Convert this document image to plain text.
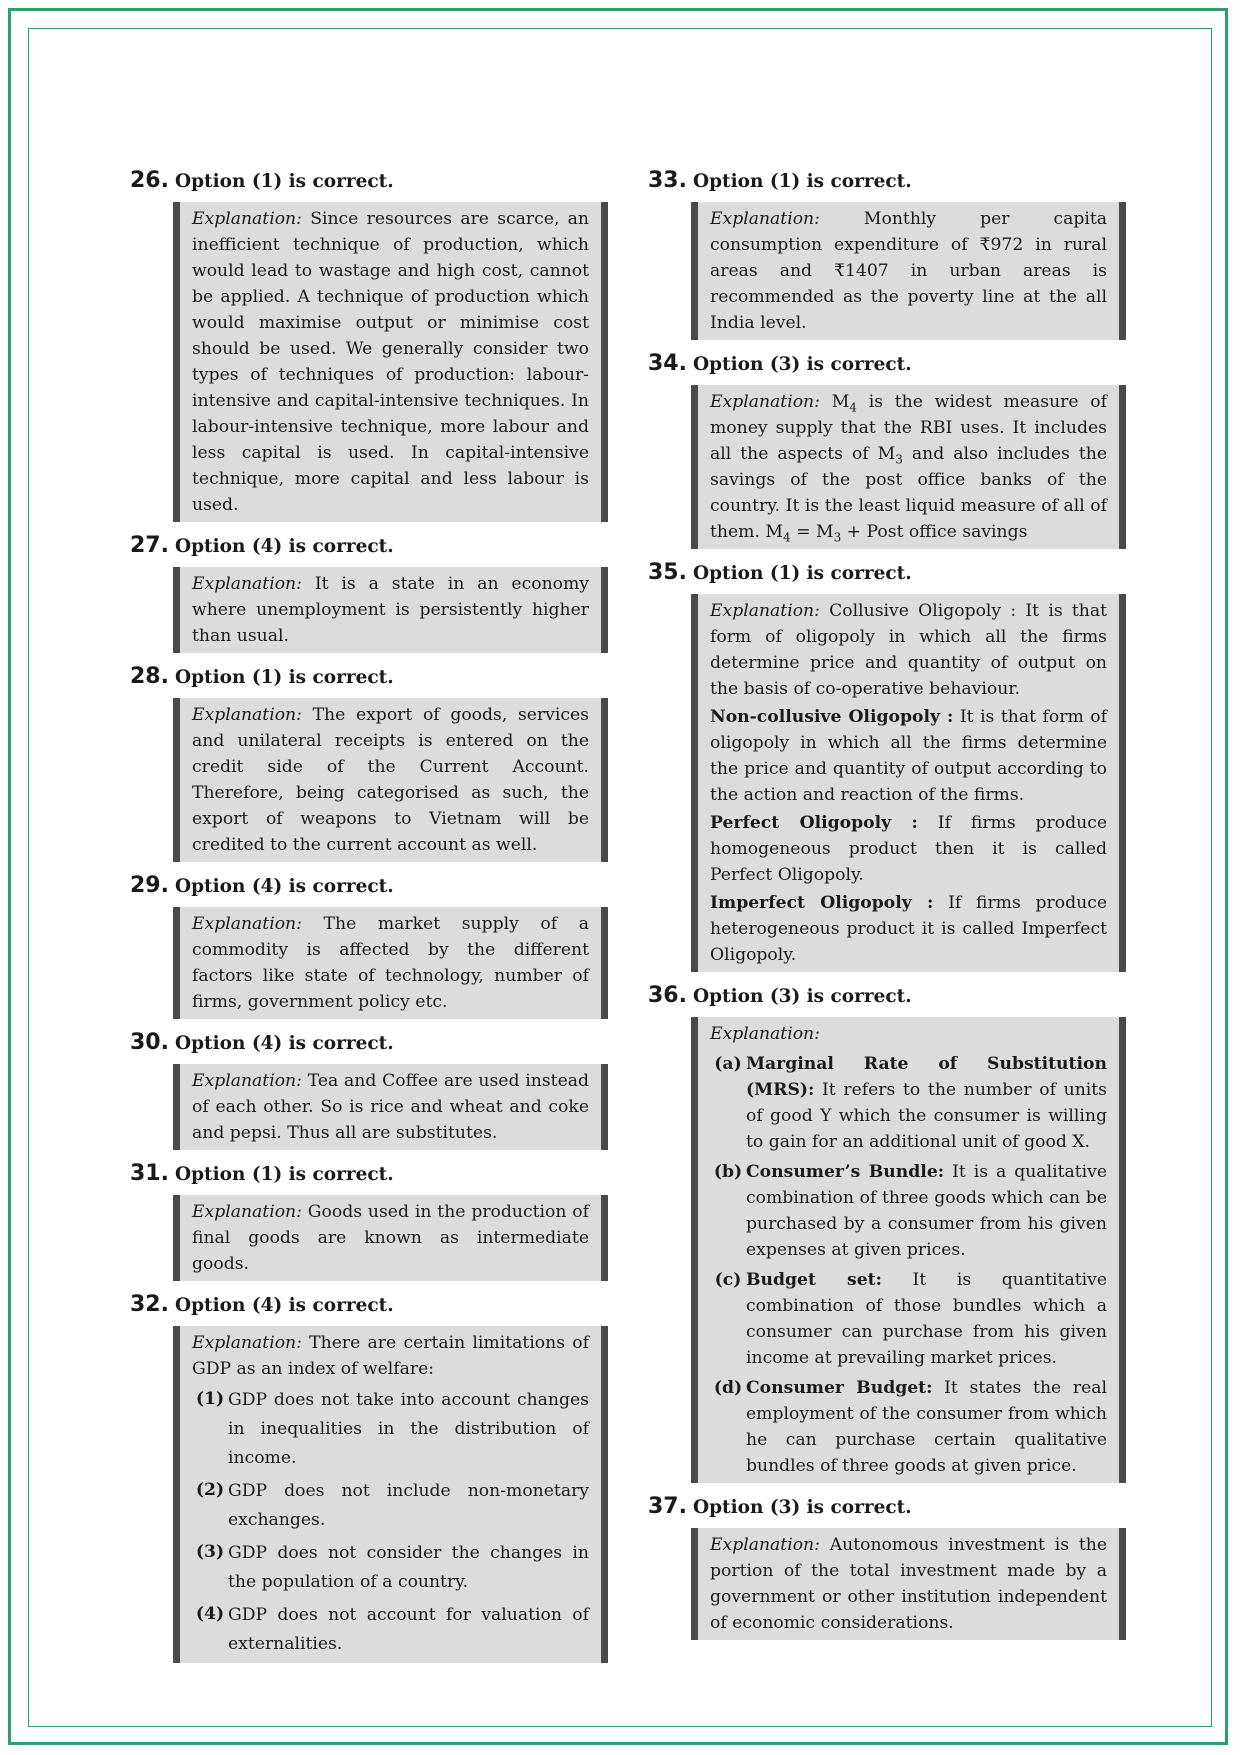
26. Option (1) is correct.

Explanation: Since resources are scarce, an inefficient technique of production, which would lead to wastage and high cost, cannot be applied. A technique of production which would maximise output or minimise cost should be used. We generally consider two types of techniques of production: labour-intensive and capital-intensive techniques. In labour-intensive technique, more labour and less capital is used. In capital-intensive technique, more capital and less labour is used.

27. Option (4) is correct.

Explanation: It is a state in an economy where unemployment is persistently higher than usual.

28. Option (1) is correct.

Explanation: The export of goods, services and unilateral receipts is entered on the credit side of the Current Account. Therefore, being categorised as such, the export of weapons to Vietnam will be credited to the current account as well.

29. Option (4) is correct.

Explanation: The market supply of a commodity is affected by the different factors like state of technology, number of firms, government policy etc.

30. Option (4) is correct.

Explanation: Tea and Coffee are used instead of each other. So is rice and wheat and coke and pepsi. Thus all are substitutes.

31. Option (1) is correct.

Explanation: Goods used in the production of final goods are known as intermediate goods.

32. Option (4) is correct.

Explanation: There are certain limitations of GDP as an index of welfare:

(1) GDP does not take into account changes in inequalities in the distribution of income.
(2) GDP does not include non-monetary exchanges.
(3) GDP does not consider the changes in the population of a country.
(4) GDP does not account for valuation of externalities.
33. Option (1) is correct.

Explanation: Monthly per capita consumption expenditure of ₹972 in rural areas and ₹1407 in urban areas is recommended as the poverty line at the all India level.

34. Option (3) is correct.

Explanation: $M_4$ is the widest measure of money supply that the RBI uses. It includes all the aspects of $M_3$ and also includes the savings of the post office banks of the country. It is the least liquid measure of all of them. $M_4 = M_3$ + Post office savings

35. Option (1) is correct.

Explanation: Collusive Oligopoly : It is that form of oligopoly in which all the firms determine price and quantity of output on the basis of co-operative behaviour.

Non-collusive Oligopoly : It is that form of oligopoly in which all the firms determine the price and quantity of output according to the action and reaction of the firms.

Perfect Oligopoly : If firms produce homogeneous product then it is called Perfect Oligopoly.

Imperfect Oligopoly : If firms produce heterogeneous product it is called Imperfect Oligopoly.

36. Option (3) is correct.

Explanation:

(a) Marginal Rate of Substitution (MRS): It refers to the number of units of good Y which the consumer is willing to gain for an additional unit of good X.
(b) Consumer’s Bundle: It is a qualitative combination of three goods which can be purchased by a consumer from his given expenses at given prices.
(c) Budget set: It is quantitative combination of those bundles which a consumer can purchase from his given income at prevailing market prices.
(d) Consumer Budget: It states the real employment of the consumer from which he can purchase certain qualitative bundles of three goods at given price.
37. Option (3) is correct.

Explanation: Autonomous investment is the portion of the total investment made by a government or other institution independent of economic considerations.
